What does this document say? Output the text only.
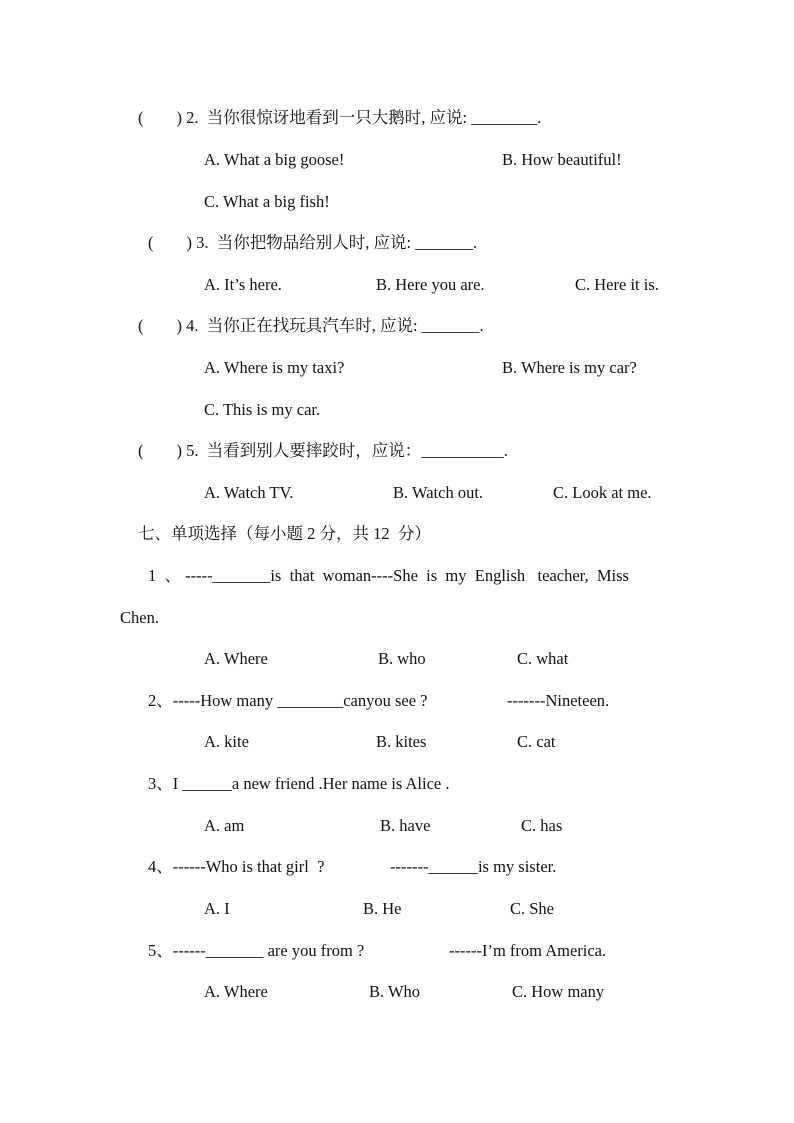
(        ) 2.  当你很惊讶地看到一只大鹅时, 应说: ________.
A. What a big goose!	B. How beautiful!
C. What a big fish!
(        ) 3.  当你把物品给别人时, 应说: _______.
A. It’s here.	B. Here you are.	C. Here it is.
(        ) 4.  当你正在找玩具汽车时, 应说: _______.
A. Where is my taxi?	B. Where is my car?
C. This is my car.
(        ) 5.  当看到别人要摔跤时，应说：__________.
A. Watch TV.	B. Watch out.	C. Look at me.
七、单项选择（每小题 2 分，共 12  分）
1  、 -----_______is  that  woman----She  is  my  English   teacher,  Miss
Chen.
A. Where	B. who	C. what
2、-----How many ________canyou see ?	-------Nineteen.
A. kite	B. kites	C. cat
3、I ______a new friend .Her name is Alice .
A. am	B. have	C. has
4、------Who is that girl  ?	-------______is my sister.
A. I	B. He	C. She
5、------_______ are you from ?	------I’m from America.
A. Where	B. Who	C. How many
